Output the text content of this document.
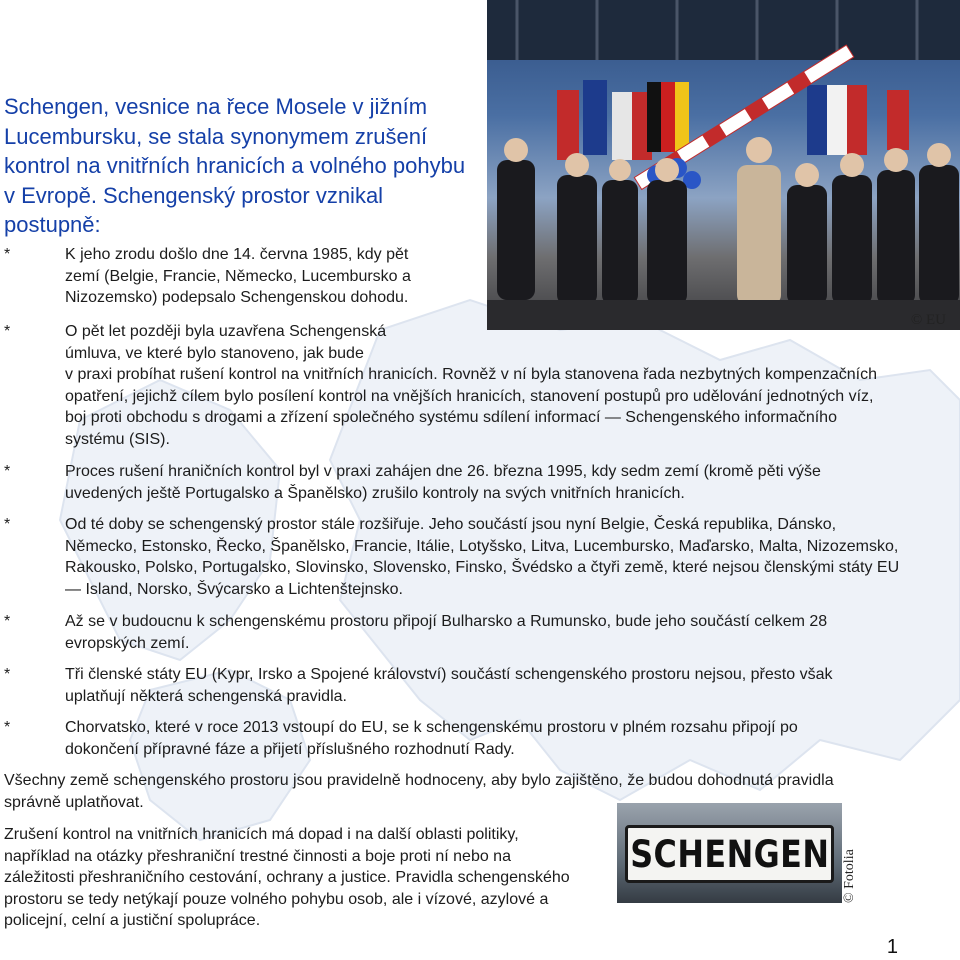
© EU

Schengen, vesnice na řece Mosele v jižním Lucembursku, se stala synonymem zrušení kontrol na vnitřních hranicích a volného pohybu v Evropě. Schengenský prostor vznikal postupně:

*	K jeho zrodu došlo dne 14. června 1985, kdy pět zemí (Belgie, Francie, Německo, Lucembursko a Nizozemsko) podepsalo Schengenskou dohodu.
*	O pět let později byla uzavřena Schengenská úmluva, ve které bylo stanoveno, jak bude
v praxi probíhat rušení kontrol na vnitřních hranicích. Rovněž v ní byla stanovena řada nezbytných kompenzačních opatření, jejichž cílem bylo posílení kontrol na vnějších hranicích, stanovení postupů pro udělování jednotných víz, boj proti obchodu s drogami a zřízení společného systému sdílení informací — Schengenského informačního systému (SIS).
*	Proces rušení hraničních kontrol byl v praxi zahájen dne 26. března 1995, kdy sedm zemí (kromě pěti výše uvedených ještě Portugalsko a Španělsko) zrušilo kontroly na svých vnitřních hranicích.
*	Od té doby se schengenský prostor stále rozšiřuje. Jeho součástí jsou nyní Belgie, Česká republika, Dánsko, Německo, Estonsko, Řecko, Španělsko, Francie, Itálie, Lotyšsko, Litva, Lucembursko, Maďarsko, Malta, Nizozemsko, Rakousko, Polsko, Portugalsko, Slovinsko, Slovensko, Finsko, Švédsko a čtyři země, které nejsou členskými státy EU — Island, Norsko, Švýcarsko a Lichtenštejnsko.
*	Až se v budoucnu k schengenskému prostoru připojí Bulharsko a Rumunsko, bude jeho součástí celkem 28 evropských zemí.
*	Tři členské státy EU (Kypr, Irsko a Spojené království) součástí schengenského prostoru nejsou, přesto však uplatňují některá schengenská pravidla.
*	Chorvatsko, které v roce 2013 vstoupí do EU, se k schengenskému prostoru v plném rozsahu připojí po dokončení přípravné fáze a přijetí příslušného rozhodnutí Rady.

Všechny země schengenského prostoru jsou pravidelně hodnoceny, aby bylo zajištěno, že budou dohodnutá pravidla správně uplatňovat.

Zrušení kontrol na vnitřních hranicích má dopad i na další oblasti politiky, například na otázky přeshraniční trestné činnosti a boje proti ní nebo na záležitosti přeshraničního cestování, ochrany a justice. Pravidla schengenského prostoru se tedy netýkají pouze volného pohybu osob, ale i vízové, azylové a policejní, celní a justiční spolupráce.

SCHENGEN © Fotolia
1
